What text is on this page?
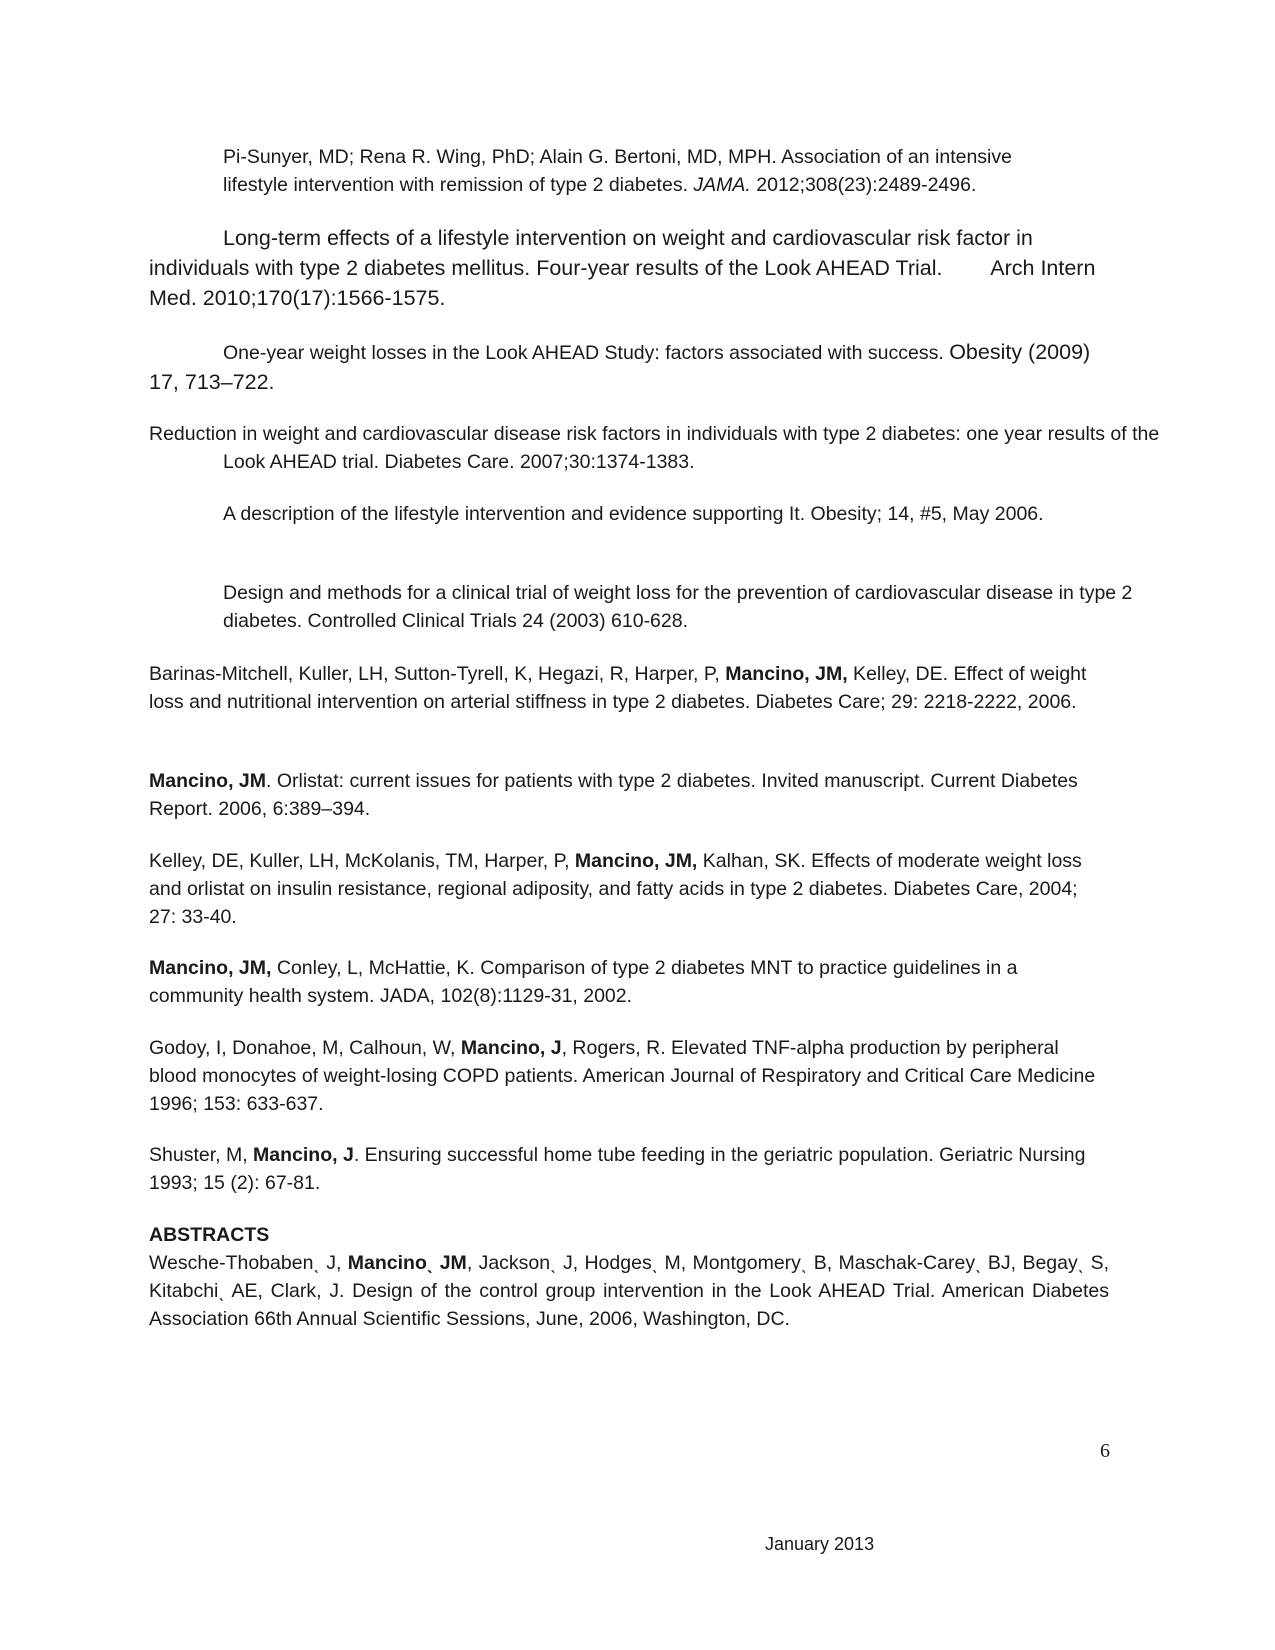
Pi-Sunyer, MD; Rena R. Wing, PhD; Alain G. Bertoni, MD, MPH. Association of an intensive
lifestyle intervention with remission of type 2 diabetes. JAMA. 2012;308(23):2489-2496.
Long-term effects of a lifestyle intervention on weight and cardiovascular risk factor in individuals with type 2 diabetes mellitus. Four-year results of the Look AHEAD Trial.        Arch Intern Med. 2010;170(17):1566-1575.
One-year weight losses in the Look AHEAD Study: factors associated with success. Obesity (2009) 17, 713–722.
Reduction in weight and cardiovascular disease risk factors in individuals with type 2 diabetes: one year results of the Look AHEAD trial. Diabetes Care. 2007;30:1374-1383.
A description of the lifestyle intervention and evidence supporting It. Obesity; 14, #5, May 2006.
Design and methods for a clinical trial of weight loss for the prevention of cardiovascular disease in type 2 diabetes. Controlled Clinical Trials 24 (2003) 610-628.
Barinas-Mitchell, Kuller, LH, Sutton-Tyrell, K, Hegazi, R, Harper, P, Mancino, JM, Kelley, DE. Effect of weight loss and nutritional intervention on arterial stiffness in type 2 diabetes. Diabetes Care; 29: 2218-2222, 2006.
Mancino, JM. Orlistat: current issues for patients with type 2 diabetes. Invited manuscript. Current Diabetes Report. 2006, 6:389–394.
Kelley, DE, Kuller, LH, McKolanis, TM, Harper, P, Mancino, JM, Kalhan, SK. Effects of moderate weight loss and orlistat on insulin resistance, regional adiposity, and fatty acids in type 2 diabetes. Diabetes Care, 2004; 27: 33-40.
Mancino, JM, Conley, L, McHattie, K. Comparison of type 2 diabetes MNT to practice guidelines in a community health system. JADA, 102(8):1129-31, 2002.
Godoy, I, Donahoe, M, Calhoun, W, Mancino, J, Rogers, R. Elevated TNF-alpha production by peripheral blood monocytes of weight-losing COPD patients. American Journal of Respiratory and Critical Care Medicine 1996; 153: 633-637.
Shuster, M, Mancino, J. Ensuring successful home tube feeding in the geriatric population. Geriatric Nursing 1993; 15 (2): 67-81.
ABSTRACTS
Wesche-Thobabenˎ J, Mancinoˎ JM, Jacksonˎ J, Hodgesˎ M, Montgomeryˎ B, Maschak-Careyˎ BJ, Begayˎ S, Kitabchiˎ AE, Clark, J. Design of the control group intervention in the Look AHEAD Trial. American Diabetes Association 66th Annual Scientific Sessions, June, 2006, Washington, DC.
6
January 2013
